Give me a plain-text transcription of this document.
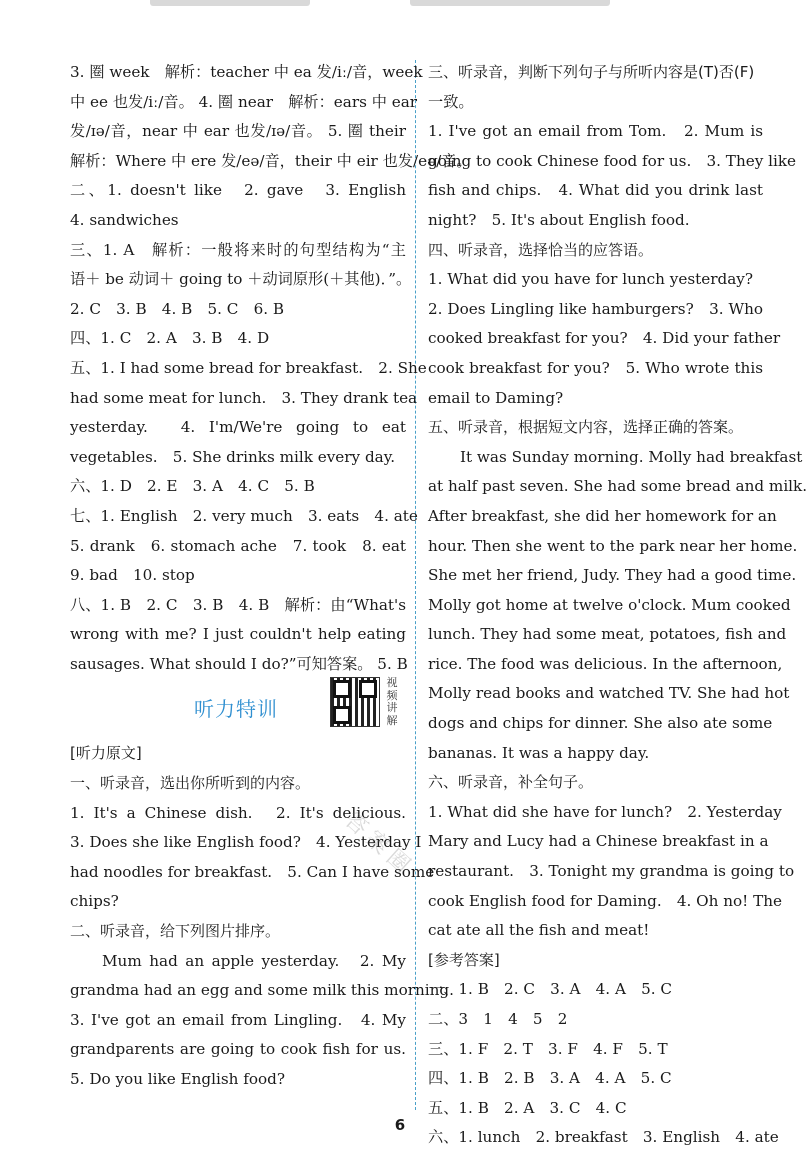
3. 圈 week　解析：teacher 中 ea 发/iː/音，week
中 ee 也发/iː/音。 4. 圈 near　解析：ears 中 ear
发/ɪə/音，near 中 ear 也发/ɪə/音。 5. 圈 their
解析：Where 中 ere 发/eə/音，their 中 eir 也发/eə/音。
二、1. doesn't like　2. gave　3. English
4. sandwiches
三、1. A　解析：一般将来时的句型结构为“主
语＋ be 动词＋ going to ＋动词原形(＋其他)．”。
2. C　3. B　4. B　5. C　6. B
四、1. C　2. A　3. B　4. D
五、1. I had some bread for breakfast.　2. She
had some meat for lunch.　3. They drank tea
yesterday.　4. I'm/We're going to eat
vegetables.　5. She drinks milk every day.
六、1. D　2. E　3. A　4. C　5. B
七、1. English　2. very much　3. eats　4. ate
5. drank　6. stomach ache　7. took　8. eat
9. bad　10. stop
八、1. B　2. C　3. B　4. B　解析：由“What's
wrong with me? I just couldn't help eating
sausages. What should I do?”可知答案。 5. B
听力特训
视
频
讲
解
[听力原文]
一、听录音，选出你所听到的内容。
1. It's a Chinese dish.　2. It's delicious.
3. Does she like English food?　4. Yesterday I
had noodles for breakfast.　5. Can I have some
chips?
二、听录音，给下列图片排序。
Mum had an apple yesterday.　2. My
grandma had an egg and some milk this morning.
3. I've got an email from Lingling.　4. My
grandparents are going to cook fish for us.
5. Do you like English food?
三、听录音，判断下列句子与所听内容是(T)否(F)
一致。
1. I've got an email from Tom.　2. Mum is
going to cook Chinese food for us.　3. They like
fish and chips.　4. What did you drink last
night?　5. It's about English food.
四、听录音，选择恰当的应答语。
1. What did you have for lunch yesterday?
2. Does Lingling like hamburgers?　3. Who
cooked breakfast for you?　4. Did your father
cook breakfast for you?　5. Who wrote this
email to Daming?
五、听录音，根据短文内容，选择正确的答案。
It was Sunday morning. Molly had breakfast
at half past seven. She had some bread and milk.
After breakfast, she did her homework for an
hour. Then she went to the park near her home.
She met her friend, Judy. They had a good time.
Molly got home at twelve o'clock. Mum cooked
lunch. They had some meat, potatoes, fish and
rice. The food was delicious. In the afternoon,
Molly read books and watched TV. She had hot
dogs and chips for dinner. She also ate some
bananas. It was a happy day.
六、听录音，补全句子。
1. What did she have for lunch?　2. Yesterday
Mary and Lucy had a Chinese breakfast in a
restaurant.　3. Tonight my grandma is going to
cook English food for Daming.　4. Oh no! The
cat ate all the fish and meat!
[参考答案]
一、1. B　2. C　3. A　4. A　5. C
二、3　1　4　5　2
三、1. F　2. T　3. F　4. F　5. T
四、1. B　2. B　3. A　4. A　5. C
五、1. B　2. A　3. C　4. C
六、1. lunch　2. breakfast　3. English　4. ate
答案圈
6
